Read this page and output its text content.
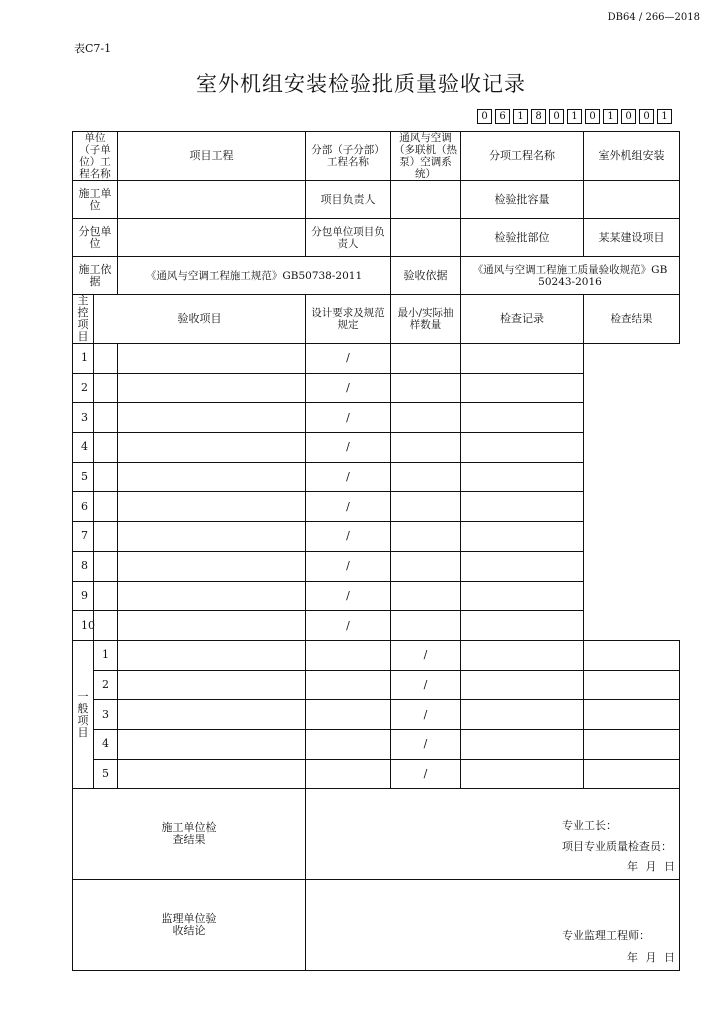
DB64 / 266—2018
表C7-1
室外机组安装检验批质量验收记录
0	6	1	8	0	1	0	1	0	0	1
单位（子单位）工程名称		项目工程	分部（子分部）工程名称	通风与空调（多联机（热泵）空调系统）	分项工程名称	室外机组安装
施工单位			项目负责人		检验批容量	
分包单位			分包单位项目负责人		检验批部位	某某建设项目
施工依据		《通风与空调工程施工规范》GB50738-2011		验收依据	《通风与空调工程施工质量验收规范》GB 50243-2016	

主
控
项
目	验收项目		设计要求及规范规定	最小/实际抽样数量	检查记录	检查结果
1			/			
2			/			
3			/			
4			/			
5			/			
6			/			
7			/			
8			/			
9			/			
10			/			

一
般
项
目	1			/		
	2			/		
	3			/		
	4			/		
	5			/		
施工单位检查结果			专业工长：
项目专业质量检查员：
年 月 日			

监理单位验收结论			专业监理工程师：
年 月 日			
